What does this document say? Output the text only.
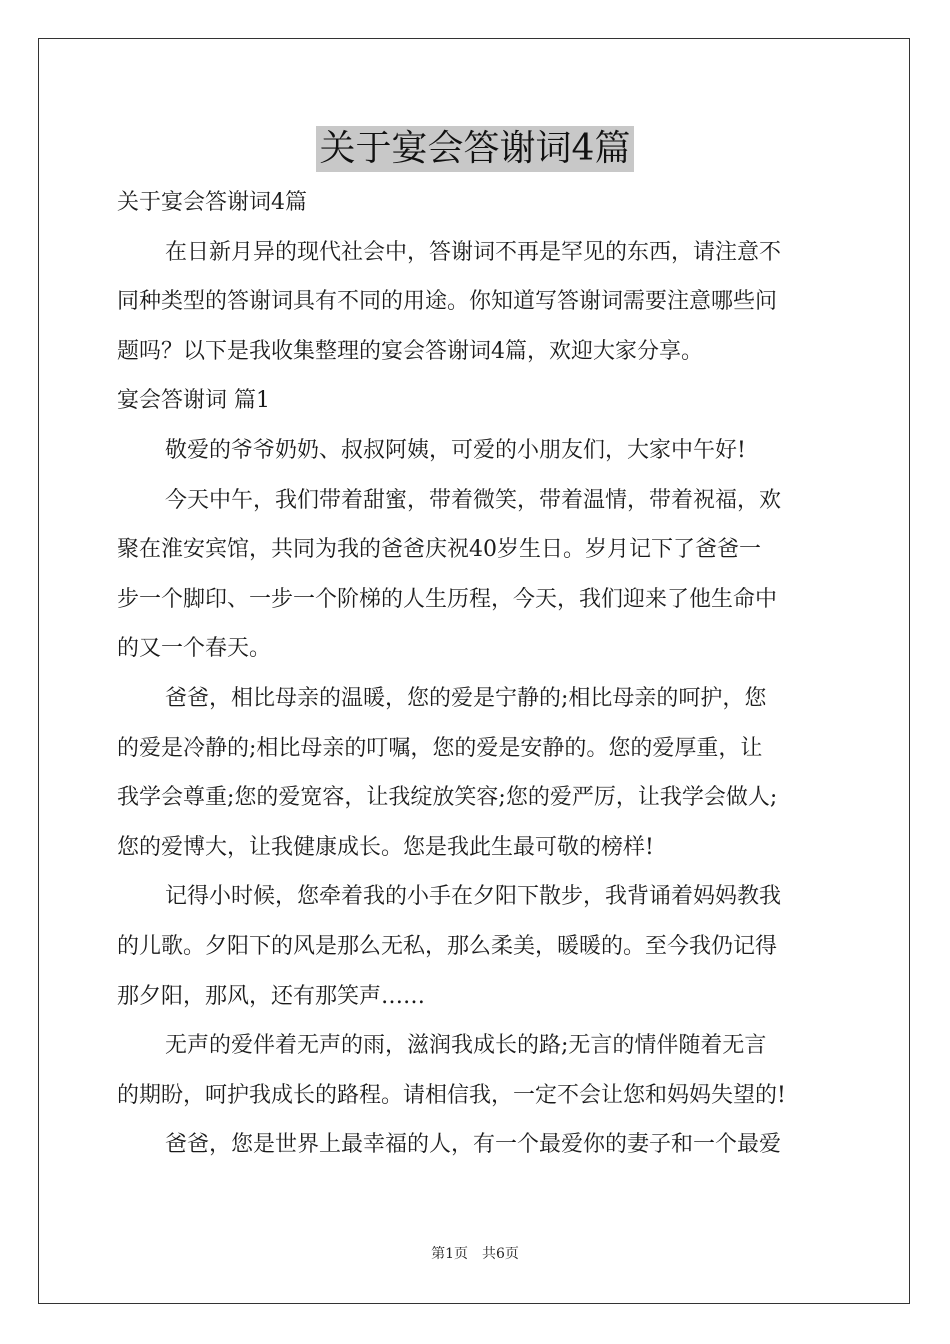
关于宴会答谢词4篇
关于宴会答谢词4篇
在日新月异的现代社会中，答谢词不再是罕见的东西，请注意不
同种类型的答谢词具有不同的用途。你知道写答谢词需要注意哪些问
题吗？以下是我收集整理的宴会答谢词4篇，欢迎大家分享。
宴会答谢词 篇1
敬爱的爷爷奶奶、叔叔阿姨，可爱的小朋友们，大家中午好!
今天中午，我们带着甜蜜，带着微笑，带着温情，带着祝福，欢
聚在淮安宾馆，共同为我的爸爸庆祝40岁生日。岁月记下了爸爸一
步一个脚印、一步一个阶梯的人生历程，今天，我们迎来了他生命中
的又一个春天。
爸爸，相比母亲的温暖，您的爱是宁静的;相比母亲的呵护，您
的爱是冷静的;相比母亲的叮嘱，您的爱是安静的。您的爱厚重，让
我学会尊重;您的爱宽容，让我绽放笑容;您的爱严厉，让我学会做人;
您的爱博大，让我健康成长。您是我此生最可敬的榜样!
记得小时候，您牵着我的小手在夕阳下散步，我背诵着妈妈教我
的儿歌。夕阳下的风是那么无私，那么柔美，暖暖的。至今我仍记得
那夕阳，那风，还有那笑声……
无声的爱伴着无声的雨，滋润我成长的路;无言的情伴随着无言
的期盼，呵护我成长的路程。请相信我，一定不会让您和妈妈失望的!
爸爸，您是世界上最幸福的人，有一个最爱你的妻子和一个最爱
第1页 共6页
